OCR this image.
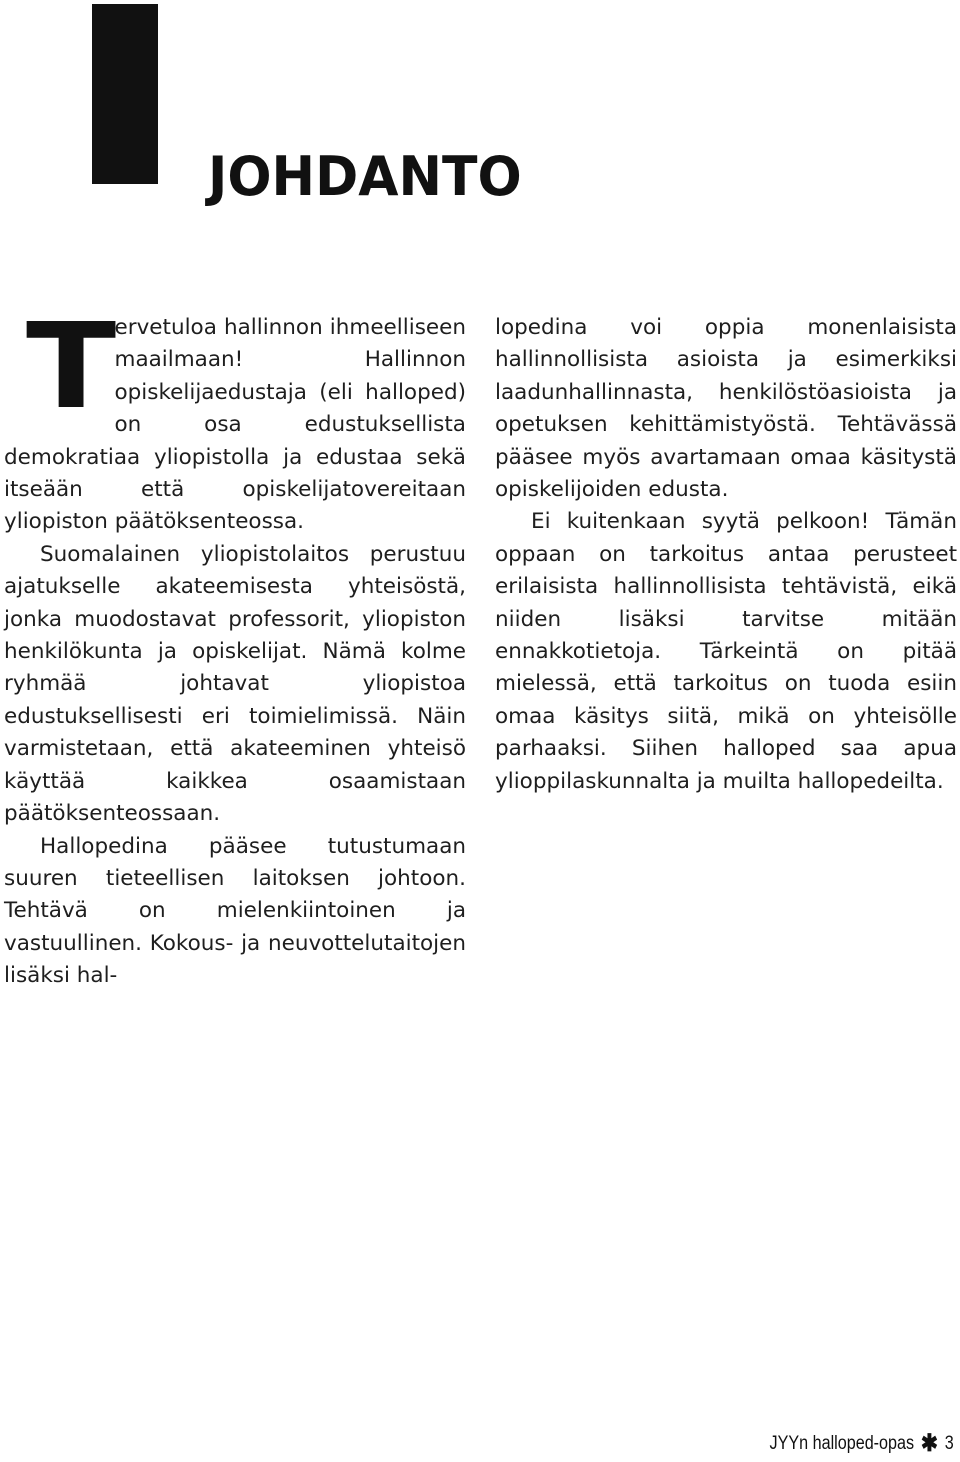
JOHDANTO

T
ervetuloa hallinnon ihmeelliseen maailmaan! Hallinnon opiskelijaedustaja (eli halloped) on osa edustuksellista demokratiaa yliopistolla ja edustaa sekä itseään että opiskelijatovereitaan yliopiston päätöksenteossa.

Suomalainen yliopistolaitos perustuu ajatukselle akateemisesta yhteisöstä, jonka muodostavat professorit, yliopiston henkilökunta ja opiskelijat. Nämä kolme ryhmää johtavat yliopistoa edustuksellisesti eri toimielimissä. Näin varmistetaan, että akateeminen yhteisö käyttää kaikkea osaamistaan päätöksenteossaan.

Hallopedina pääsee tutustumaan suuren tieteellisen laitoksen johtoon. Tehtävä on mielenkiintoinen ja vastuullinen. Kokous- ja neuvottelutaitojen lisäksi hal-

lopedina voi oppia monenlaisista hallinnollisista asioista ja esimerkiksi laadunhallinnasta, henkilöstöasioista ja opetuksen kehittämistyöstä. Tehtävässä pääsee myös avartamaan omaa käsitystä opiskelijoiden edusta.

Ei kuitenkaan syytä pelkoon! Tämän oppaan on tarkoitus antaa perusteet erilaisista hallinnollisista tehtävistä, eikä niiden lisäksi tarvitse mitään ennakkotietoja. Tärkeintä on pitää mielessä, että tarkoitus on tuoda esiin omaa käsitys siitä, mikä on yhteisölle parhaaksi. Siihen halloped saa apua ylioppilaskunnalta ja muilta hallopedeilta.

JYYn halloped-opas ✱ 3
